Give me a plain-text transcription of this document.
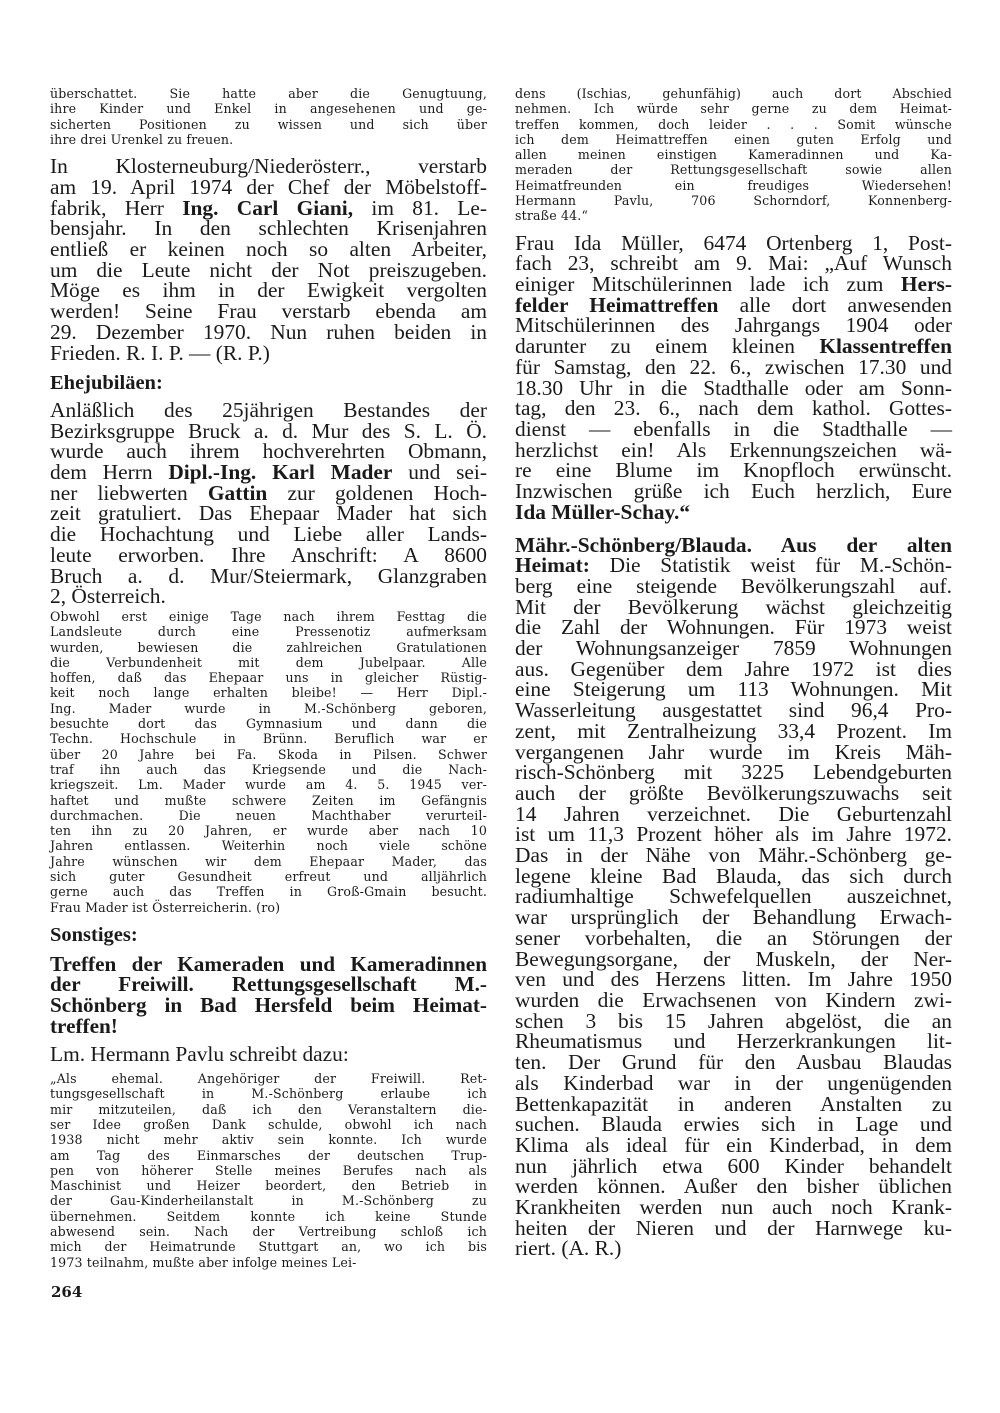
überschattet. Sie hatte aber die Genugtuung,
ihre Kinder und Enkel in angesehenen und ge-
sicherten Positionen zu wissen und sich über
ihre drei Urenkel zu freuen.
In Klosterneuburg/Niederösterr., verstarb
am 19. April 1974 der Chef der Möbelstoff-
fabrik, Herr Ing. Carl Giani, im 81. Le-
bensjahr. In den schlechten Krisenjahren
entließ er keinen noch so alten Arbeiter,
um die Leute nicht der Not preiszugeben.
Möge es ihm in der Ewigkeit vergolten
werden! Seine Frau verstarb ebenda am
29. Dezember 1970. Nun ruhen beiden in
Frieden. R. I. P. — (R. P.)
Ehejubiläen:
Anläßlich des 25jährigen Bestandes der
Bezirksgruppe Bruck a. d. Mur des S. L. Ö.
wurde auch ihrem hochverehrten Obmann,
dem Herrn Dipl.-Ing. Karl Mader und sei-
ner liebwerten Gattin zur goldenen Hoch-
zeit gratuliert. Das Ehepaar Mader hat sich
die Hochachtung und Liebe aller Lands-
leute erworben. Ihre Anschrift: A 8600
Bruch a. d. Mur/Steiermark, Glanzgraben
2, Österreich.
Obwohl erst einige Tage nach ihrem Festtag die
Landsleute durch eine Pressenotiz aufmerksam
wurden, bewiesen die zahlreichen Gratulationen
die Verbundenheit mit dem Jubelpaar. Alle
hoffen, daß das Ehepaar uns in gleicher Rüstig-
keit noch lange erhalten bleibe! — Herr Dipl.-
Ing. Mader wurde in M.-Schönberg geboren,
besuchte dort das Gymnasium und dann die
Techn. Hochschule in Brünn. Beruflich war er
über 20 Jahre bei Fa. Skoda in Pilsen. Schwer
traf ihn auch das Kriegsende und die Nach-
kriegszeit. Lm. Mader wurde am 4. 5. 1945 ver-
haftet und mußte schwere Zeiten im Gefängnis
durchmachen. Die neuen Machthaber verurteil-
ten ihn zu 20 Jahren, er wurde aber nach 10
Jahren entlassen. Weiterhin noch viele schöne
Jahre wünschen wir dem Ehepaar Mader, das
sich guter Gesundheit erfreut und alljährlich
gerne auch das Treffen in Groß-Gmain besucht.
Frau Mader ist Österreicherin. (ro)
Sonstiges:
Treffen der Kameraden und Kameradinnen
der Freiwill. Rettungsgesellschaft M.-
Schönberg in Bad Hersfeld beim Heimat-
treffen!
Lm. Hermann Pavlu schreibt dazu:
„Als ehemal. Angehöriger der Freiwill. Ret-
tungsgesellschaft in M.-Schönberg erlaube ich
mir mitzuteilen, daß ich den Veranstaltern die-
ser Idee großen Dank schulde, obwohl ich nach
1938 nicht mehr aktiv sein konnte. Ich wurde
am Tag des Einmarsches der deutschen Trup-
pen von höherer Stelle meines Berufes nach als
Maschinist und Heizer beordert, den Betrieb in
der Gau-Kinderheilanstalt in M.-Schönberg zu
übernehmen. Seitdem konnte ich keine Stunde
abwesend sein. Nach der Vertreibung schloß ich
mich der Heimatrunde Stuttgart an, wo ich bis
1973 teilnahm, mußte aber infolge meines Lei-
dens (Ischias, gehunfähig) auch dort Abschied
nehmen. Ich würde sehr gerne zu dem Heimat-
treffen kommen, doch leider . . . Somit wünsche
ich dem Heimattreffen einen guten Erfolg und
allen meinen einstigen Kameradinnen und Ka-
meraden der Rettungsgesellschaft sowie allen
Heimatfreunden ein freudiges Wiedersehen!
Hermann Pavlu, 706 Schorndorf, Konnenberg-
straße 44.“
Frau Ida Müller, 6474 Ortenberg 1, Post-
fach 23, schreibt am 9. Mai: „Auf Wunsch
einiger Mitschülerinnen lade ich zum Hers-
felder Heimattreffen alle dort anwesenden
Mitschülerinnen des Jahrgangs 1904 oder
darunter zu einem kleinen Klassentreffen
für Samstag, den 22. 6., zwischen 17.30 und
18.30 Uhr in die Stadthalle oder am Sonn-
tag, den 23. 6., nach dem kathol. Gottes-
dienst — ebenfalls in die Stadthalle —
herzlichst ein! Als Erkennungszeichen wä-
re eine Blume im Knopfloch erwünscht.
Inzwischen grüße ich Euch herzlich, Eure
Ida Müller-Schay.“
Mähr.-Schönberg/Blauda. Aus der alten
Heimat: Die Statistik weist für M.-Schön-
berg eine steigende Bevölkerungszahl auf.
Mit der Bevölkerung wächst gleichzeitig
die Zahl der Wohnungen. Für 1973 weist
der Wohnungsanzeiger 7859 Wohnungen
aus. Gegenüber dem Jahre 1972 ist dies
eine Steigerung um 113 Wohnungen. Mit
Wasserleitung ausgestattet sind 96,4 Pro-
zent, mit Zentralheizung 33,4 Prozent. Im
vergangenen Jahr wurde im Kreis Mäh-
risch-Schönberg mit 3225 Lebendgeburten
auch der größte Bevölkerungszuwachs seit
14 Jahren verzeichnet. Die Geburtenzahl
ist um 11,3 Prozent höher als im Jahre 1972.
Das in der Nähe von Mähr.-Schönberg ge-
legene kleine Bad Blauda, das sich durch
radiumhaltige Schwefelquellen auszeichnet,
war ursprünglich der Behandlung Erwach-
sener vorbehalten, die an Störungen der
Bewegungsorgane, der Muskeln, der Ner-
ven und des Herzens litten. Im Jahre 1950
wurden die Erwachsenen von Kindern zwi-
schen 3 bis 15 Jahren abgelöst, die an
Rheumatismus und Herzerkrankungen lit-
ten. Der Grund für den Ausbau Blaudas
als Kinderbad war in der ungenügenden
Bettenkapazität in anderen Anstalten zu
suchen. Blauda erwies sich in Lage und
Klima als ideal für ein Kinderbad, in dem
nun jährlich etwa 600 Kinder behandelt
werden können. Außer den bisher üblichen
Krankheiten werden nun auch noch Krank-
heiten der Nieren und der Harnwege ku-
riert. (A. R.)
264
